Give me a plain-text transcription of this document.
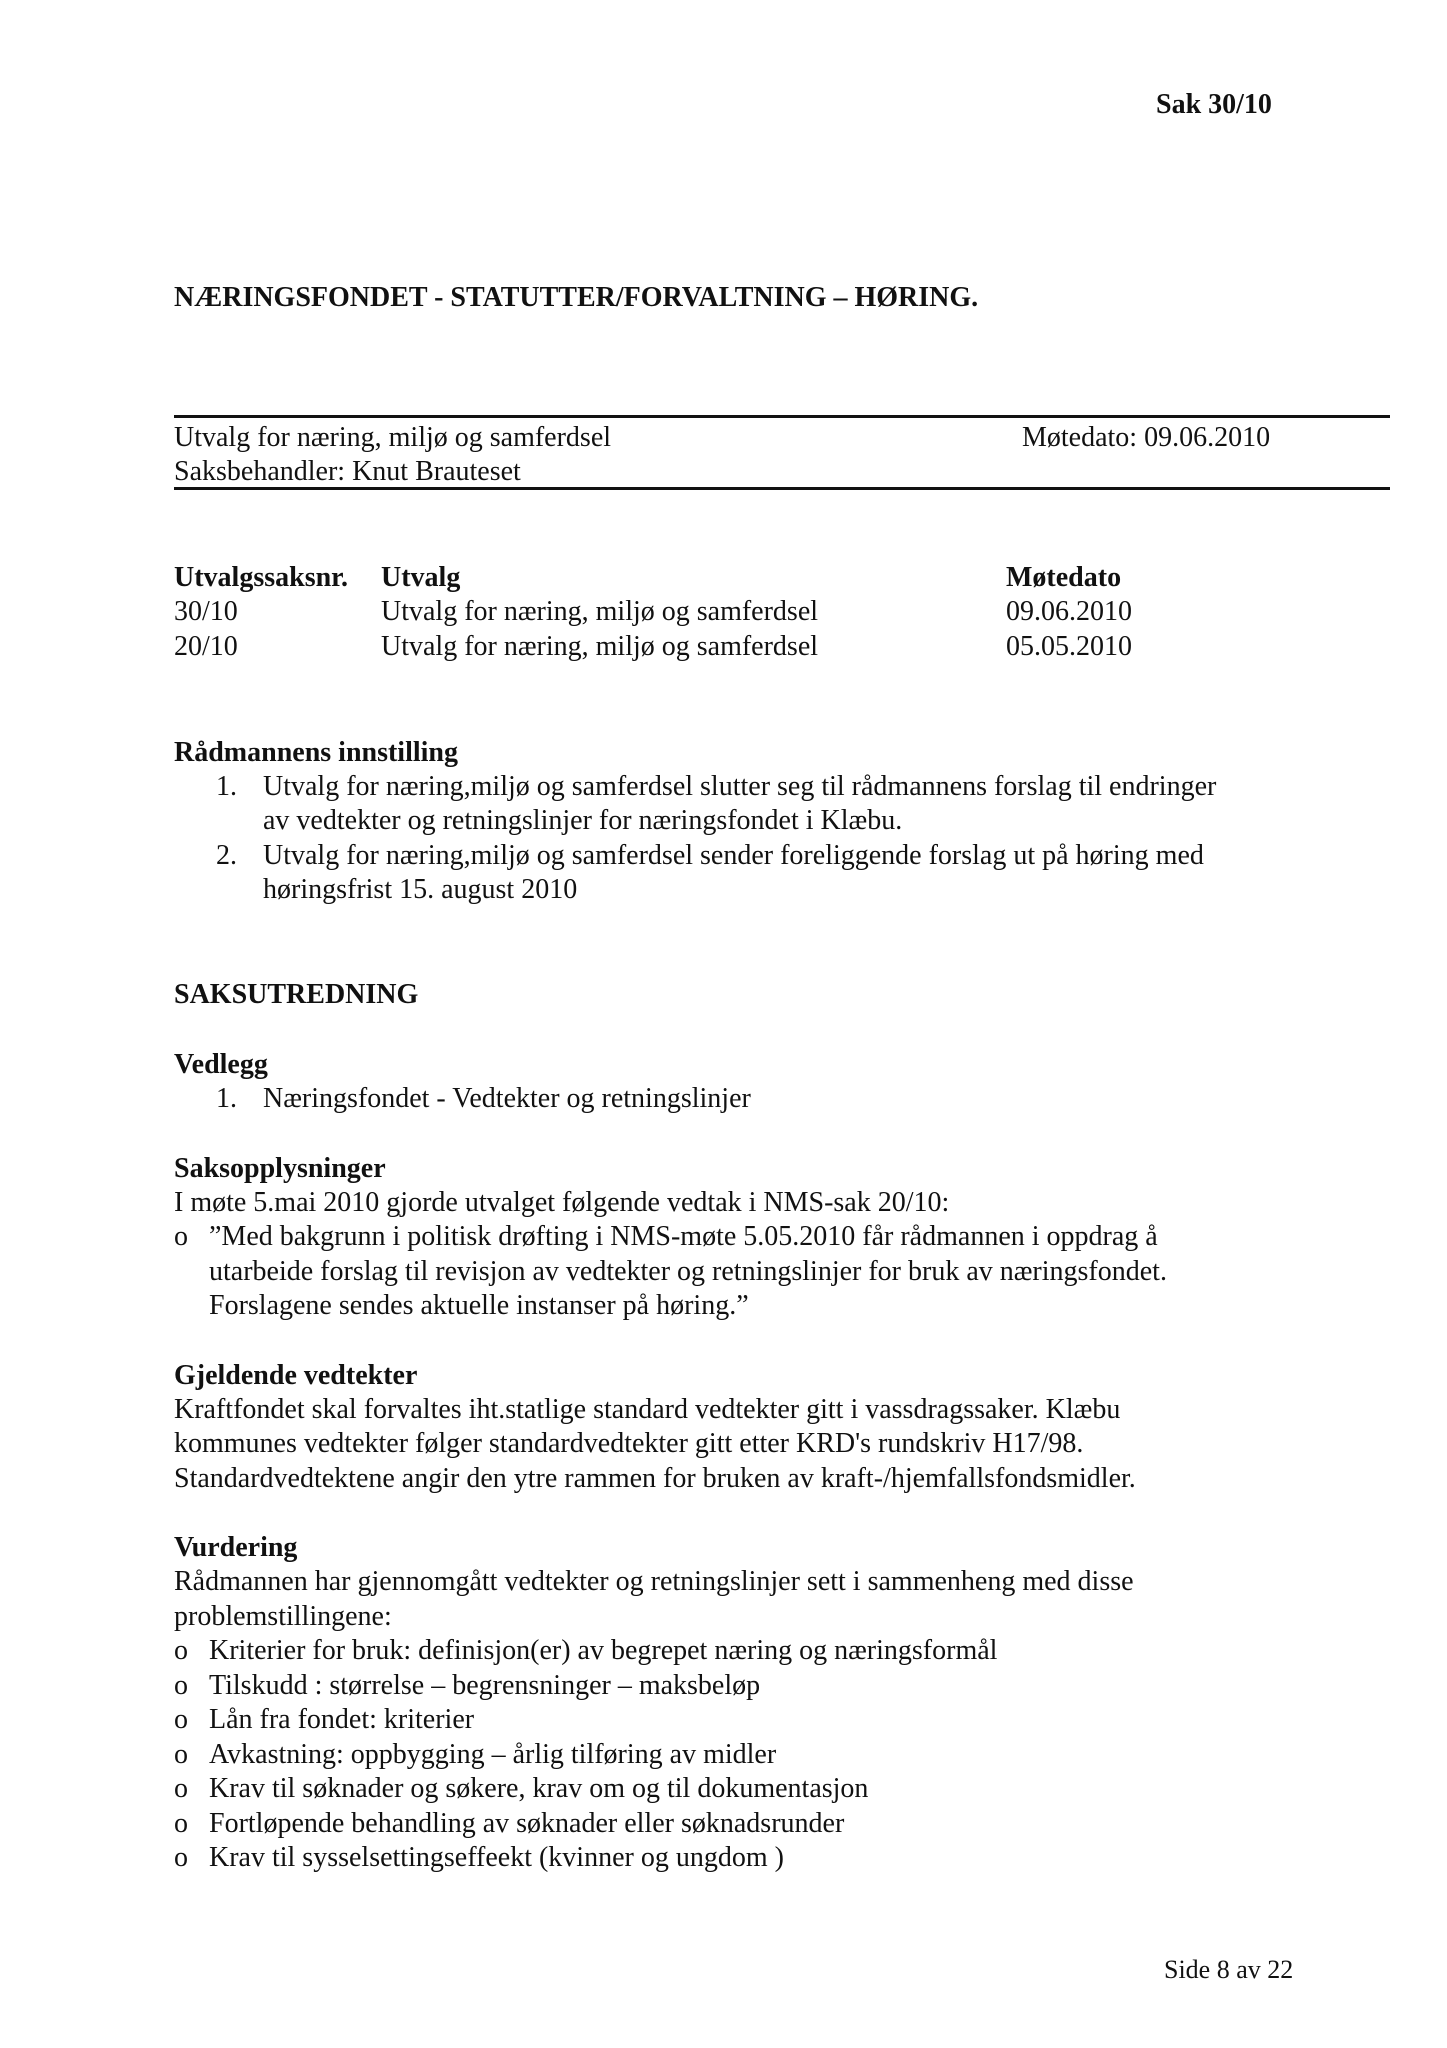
Sak 30/10
NÆRINGSFONDET - STATUTTER/FORVALTNING – HØRING.
Utvalg for næring, miljø og samferdsel	Møtedato: 09.06.2010
Saksbehandler: Knut Brauteset
Utvalgssaksnr. Utvalg	Møtedato
30/10	Utvalg for næring, miljø og samferdsel	09.06.2010
20/10	Utvalg for næring, miljø og samferdsel	05.05.2010
Rådmannens innstilling
1. Utvalg for næring,miljø og samferdsel slutter seg til rådmannens forslag til endringer
av vedtekter og retningslinjer for næringsfondet i Klæbu.
2. Utvalg for næring,miljø og samferdsel sender foreliggende forslag ut på høring med
høringsfrist 15. august 2010
SAKSUTREDNING
Vedlegg
1. Næringsfondet - Vedtekter og retningslinjer
Saksopplysninger
I møte 5.mai 2010 gjorde utvalget følgende vedtak i NMS-sak 20/10:
o ”Med bakgrunn i politisk drøfting i NMS-møte 5.05.2010 får rådmannen i oppdrag å
utarbeide forslag til revisjon av vedtekter og retningslinjer for bruk av næringsfondet.
Forslagene sendes aktuelle instanser på høring.”
Gjeldende vedtekter
Kraftfondet skal forvaltes iht.statlige standard vedtekter gitt i vassdragssaker. Klæbu
kommunes vedtekter følger standardvedtekter gitt etter KRD's rundskriv H17/98.
Standardvedtektene angir den ytre rammen for bruken av kraft-/hjemfallsfondsmidler.
Vurdering
Rådmannen har gjennomgått vedtekter og retningslinjer sett i sammenheng med disse
problemstillingene:
o Kriterier for bruk: definisjon(er) av begrepet næring og næringsformål
o Tilskudd : størrelse – begrensninger – maksbeløp
o Lån fra fondet: kriterier
o Avkastning: oppbygging – årlig tilføring av midler
o Krav til søknader og søkere, krav om og til dokumentasjon
o Fortløpende behandling av søknader eller søknadsrunder
o Krav til sysselsettingseffeekt (kvinner og ungdom )
Side 8 av 22
